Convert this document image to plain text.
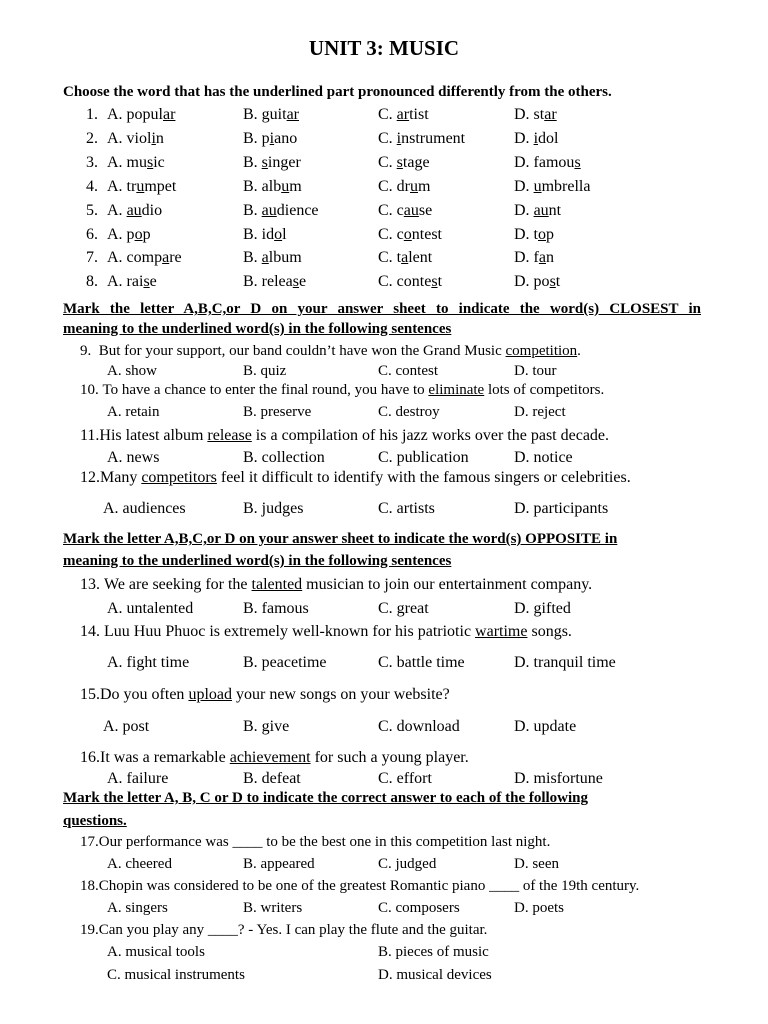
UNIT 3: MUSIC
Choose the word that has the underlined part pronounced differently from the others.
1. A. popular	B. guitar	C. artist	D. star
2. A. violin	B. piano	C. instrument	D. idol
3. A. music	B. singer	C. stage	D. famous
4. A. trumpet	B. album	C. drum	D. umbrella
5. A. audio	B. audience	C. cause	D. aunt
6. A. pop	B. idol	C. contest	D. top
7. A. compare	B. album	C. talent	D. fan
8. A. raise	B. release	C. contest	D. post
Mark the letter A,B,C,or D on your answer sheet to indicate the word(s) CLOSEST in
meaning to the underlined word(s) in the following sentences
9. But for your support, our band couldn’t have won the Grand Music competition.
A. show	B. quiz	C. contest	D. tour
10. To have a chance to enter the final round, you have to eliminate lots of competitors.
A. retain	B. preserve	C. destroy	D. reject
11.His latest album release is a compilation of his jazz works over the past decade.
A. news	B. collection	C. publication	D. notice
12.Many competitors feel it difficult to identify with the famous singers or celebrities.
A. audiences	B. judges	C. artists	D. participants
Mark the letter A,B,C,or D on your answer sheet to indicate the word(s) OPPOSITE in
meaning to the underlined word(s) in the following sentences
13. We are seeking for the talented musician to join our entertainment company.
A. untalented	B. famous	C. great	D. gifted
14. Luu Huu Phuoc is extremely well-known for his patriotic wartime songs.
A. fight time	B. peacetime	C. battle time	D. tranquil time
15.Do you often upload your new songs on your website?
A. post	B. give	C. download	D. update
16.It was a remarkable achievement for such a young player.
A. failure	B. defeat	C. effort	D. misfortune
Mark the letter A, B, C or D to indicate the correct answer to each of the following
questions.
17.Our performance was ____ to be the best one in this competition last night.
A. cheered	B. appeared	C. judged	D. seen
18.Chopin was considered to be one of the greatest Romantic piano ____ of the 19th century.
A. singers	B. writers	C. composers	D. poets
19.Can you play any ____? - Yes. I can play the flute and the guitar.
A. musical tools	B. pieces of music
C. musical instruments	D. musical devices
